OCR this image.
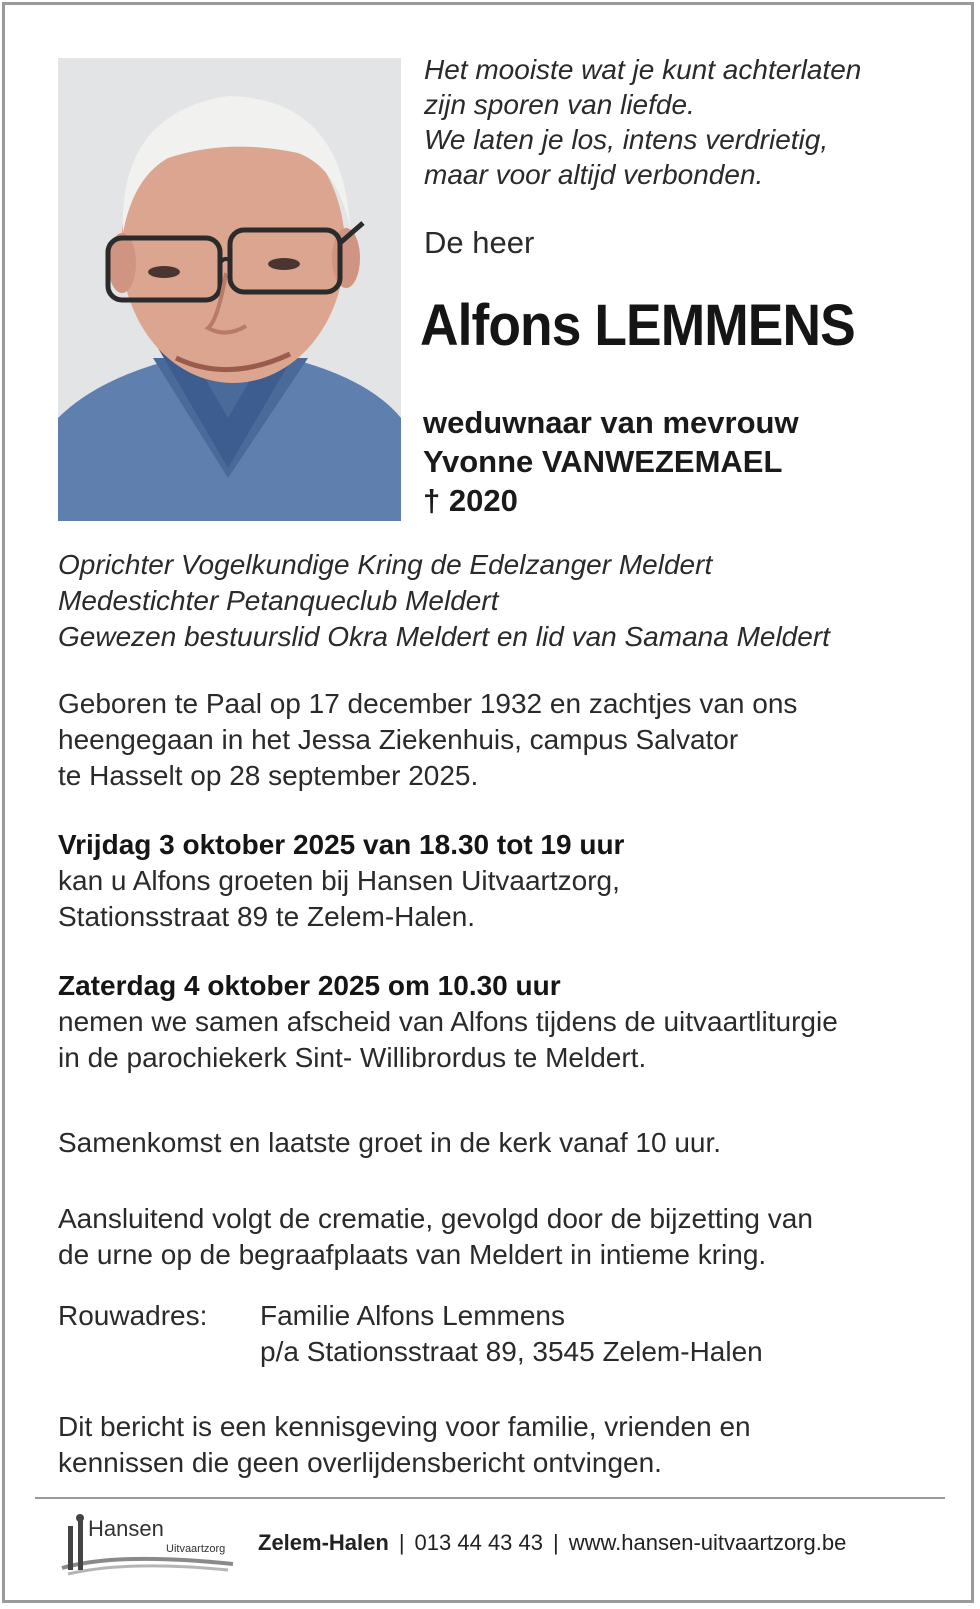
Het mooiste wat je kunt achterlaten
zijn sporen van liefde.
We laten je los, intens verdrietig,
maar voor altijd verbonden.
De heer
Alfons LEMMENS
weduwnaar van mevrouw
Yvonne VANWEZEMAEL
† 2020
Oprichter Vogelkundige Kring de Edelzanger Meldert
Medestichter Petanqueclub Meldert
Gewezen bestuurslid Okra Meldert en lid van Samana Meldert
Geboren te Paal op 17 december 1932 en zachtjes van ons
heengegaan in het Jessa Ziekenhuis, campus Salvator
te Hasselt op 28 september 2025.
Vrijdag 3 oktober 2025 van 18.30 tot 19 uur
kan u Alfons groeten bij Hansen Uitvaartzorg,
Stationsstraat 89 te Zelem-Halen.
Zaterdag 4 oktober 2025 om 10.30 uur
nemen we samen afscheid van Alfons tijdens de uitvaartliturgie
in de parochiekerk Sint- Willibrordus te Meldert.
Samenkomst en laatste groet in de kerk vanaf 10 uur.
Aansluitend volgt de crematie, gevolgd door de bijzetting van
de urne op de begraafplaats van Meldert in intieme kring.
Rouwadres: Familie Alfons Lemmens
p/a Stationsstraat 89, 3545 Zelem-Halen
Dit bericht is een kennisgeving voor familie, vrienden en
kennissen die geen overlijdensbericht ontvingen.
Hansen
Uitvaartzorg Zelem-Halen | 013 44 43 43 | www.hansen-uitvaartzorg.be
